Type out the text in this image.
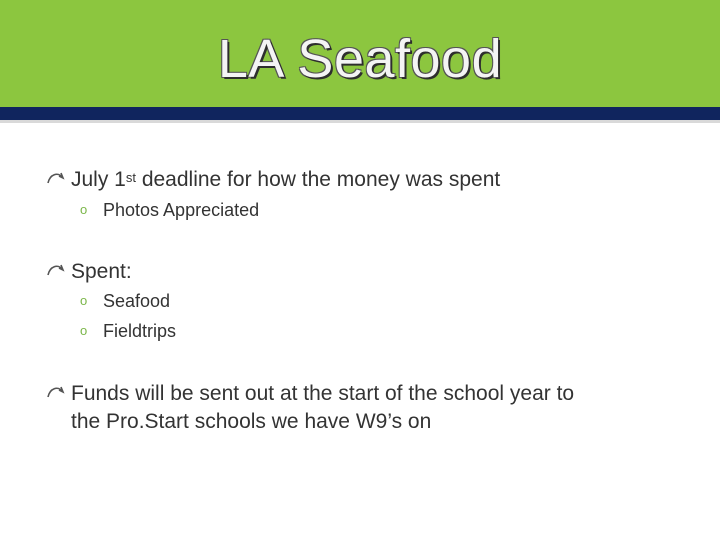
LA Seafood
July 1st deadline for how the money was spent
o Photos Appreciated
Spent:
o Seafood
o Fieldtrips
Funds will be sent out at the start of the school year to
the Pro.Start schools we have W9’s on
